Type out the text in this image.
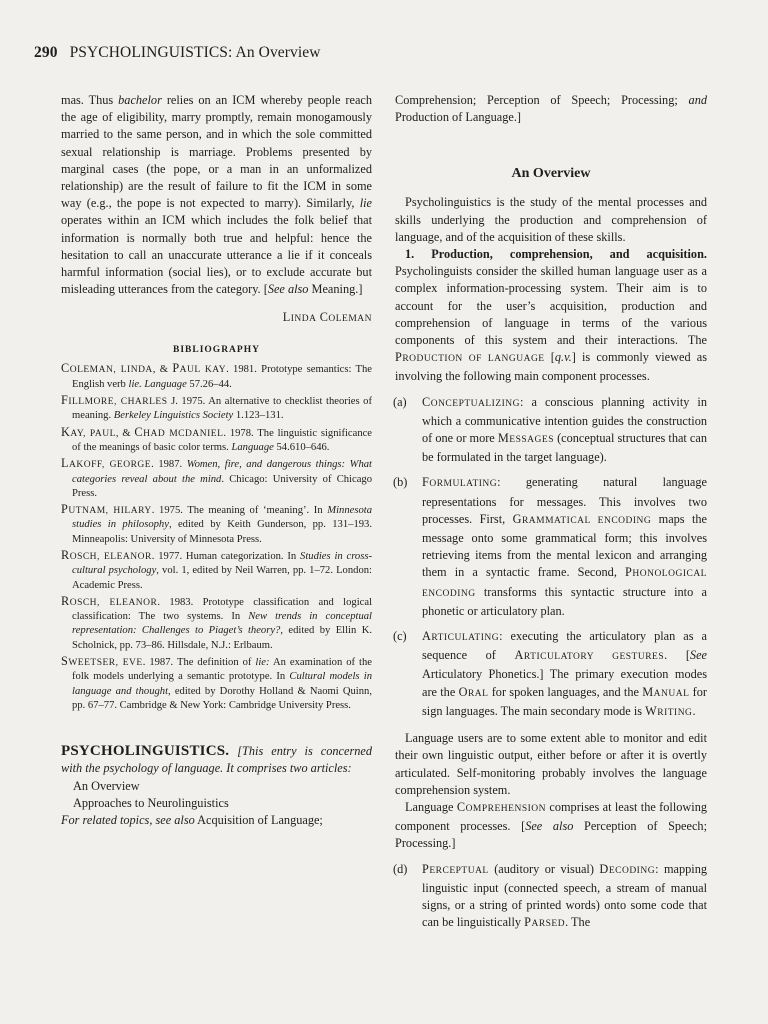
290 PSYCHOLINGUISTICS: An Overview

mas. Thus bachelor relies on an ICM whereby people reach the age of eligibility, marry promptly, remain monogamously married to the same person, and in which the sole committed sexual relationship is marriage. Problems presented by marginal cases (the pope, or a man in an unformalized relationship) are the result of failure to fit the ICM in some way (e.g., the pope is not expected to marry). Similarly, lie operates within an ICM which includes the folk belief that information is normally both true and helpful: hence the hesitation to call an unaccurate utterance a lie if it conceals harmful information (social lies), or to exclude accurate but misleading utterances from the category. [See also Meaning.]

LINDA COLEMAN
BIBLIOGRAPHY

COLEMAN, LINDA, & PAUL KAY. 1981. Prototype semantics: The English verb lie. Language 57.26–44.

FILLMORE, CHARLES J. 1975. An alternative to checklist theories of meaning. Berkeley Linguistics Society 1.123–131.

KAY, PAUL, & CHAD MCDANIEL. 1978. The linguistic significance of the meanings of basic color terms. Language 54.610–646.

LAKOFF, GEORGE. 1987. Women, fire, and dangerous things: What categories reveal about the mind. Chicago: University of Chicago Press.

PUTNAM, HILARY. 1975. The meaning of ‘meaning’. In Minnesota studies in philosophy, edited by Keith Gunderson, pp. 131–193. Minneapolis: University of Minnesota Press.

ROSCH, ELEANOR. 1977. Human categorization. In Studies in cross-cultural psychology, vol. 1, edited by Neil Warren, pp. 1–72. London: Academic Press.

ROSCH, ELEANOR. 1983. Prototype classification and logical classification: The two systems. In New trends in conceptual representation: Challenges to Piaget’s theory?, edited by Ellin K. Scholnick, pp. 73–86. Hillsdale, N.J.: Erlbaum.

SWEETSER, EVE. 1987. The definition of lie: An examination of the folk models underlying a semantic prototype. In Cultural models in language and thought, edited by Dorothy Holland & Naomi Quinn, pp. 67–77. Cambridge & New York: Cambridge University Press.

PSYCHOLINGUISTICS. [This entry is concerned with the psychology of language. It comprises two articles:

An Overview

Approaches to Neurolinguistics

For related topics, see also Acquisition of Language;

Comprehension; Perception of Speech; Processing; and Production of Language.]

An Overview

Psycholinguistics is the study of the mental processes and skills underlying the production and comprehension of language, and of the acquisition of these skills.

1. Production, comprehension, and acquisition. Psycholinguists consider the skilled human language user as a complex information-processing system. Their aim is to account for the user’s acquisition, production and comprehension of language in terms of the various components of this system and their interactions. The PRODUCTION OF LANGUAGE [q.v.] is commonly viewed as involving the following main component processes.

(a) CONCEPTUALIZING: a conscious planning activity in which a communicative intention guides the construction of one or more MESSAGES (conceptual structures that can be formulated in the target language).

(b) FORMULATING: generating natural language representations for messages. This involves two processes. First, GRAMMATICAL ENCODING maps the message onto some grammatical form; this involves retrieving items from the mental lexicon and arranging them in a syntactic frame. Second, PHONOLOGICAL ENCODING transforms this syntactic structure into a phonetic or articulatory plan.

(c) ARTICULATING: executing the articulatory plan as a sequence of ARTICULATORY GESTURES. [See Articulatory Phonetics.] The primary execution modes are the ORAL for spoken languages, and the MANUAL for sign languages. The main secondary mode is WRITING.

Language users are to some extent able to monitor and edit their own linguistic output, either before or after it is overtly articulated. Self-monitoring probably involves the language comprehension system.

Language COMPREHENSION comprises at least the following component processes. [See also Perception of Speech; Processing.]

(d) PERCEPTUAL (auditory or visual) DECODING: mapping linguistic input (connected speech, a stream of manual signs, or a string of printed words) onto some code that can be linguistically PARSED. The
